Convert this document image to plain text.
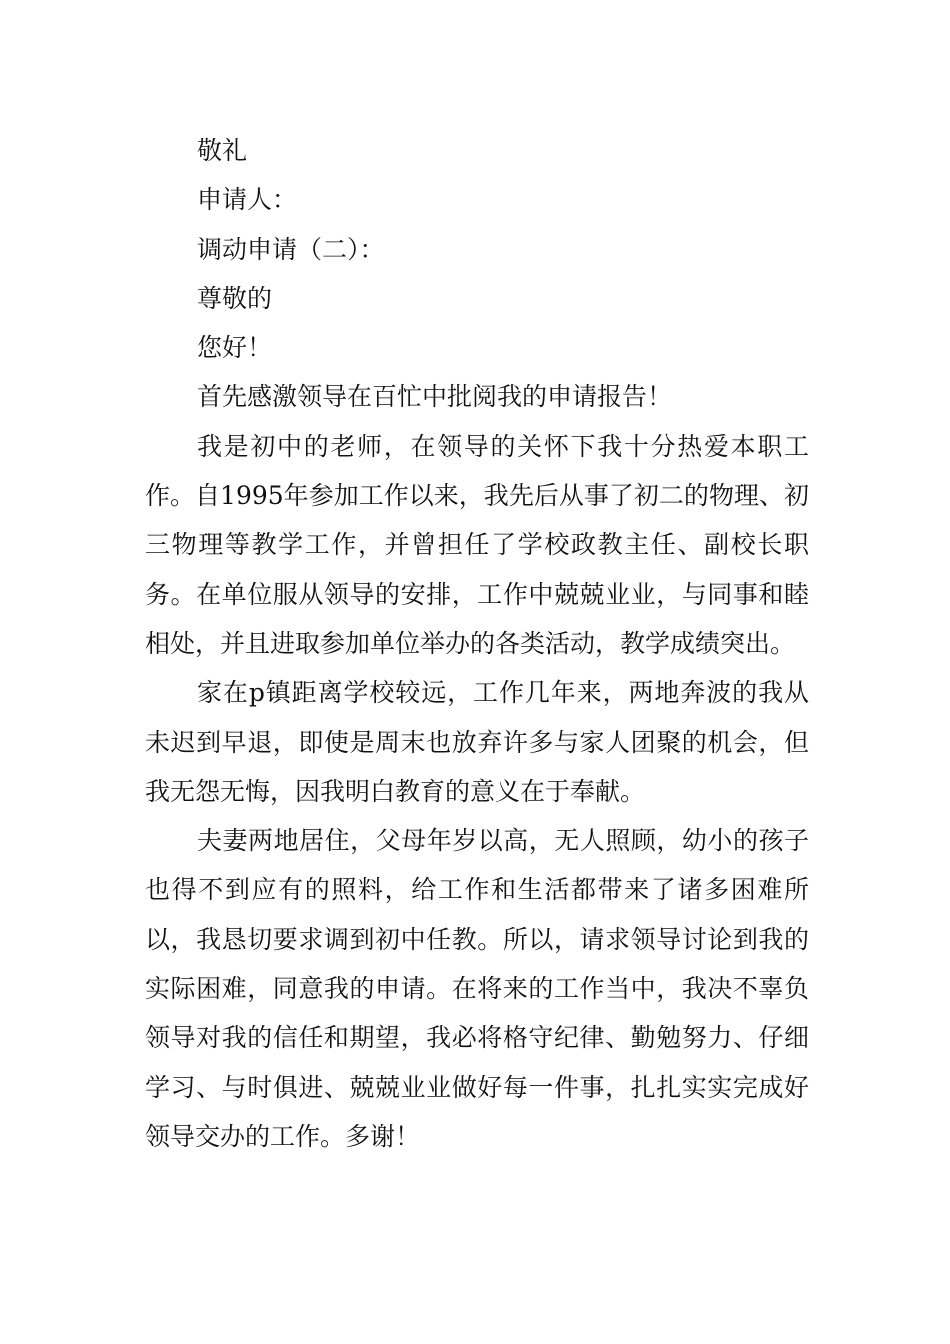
敬礼

申请人：

调动申请（二）：

尊敬的

您好！

首先感激领导在百忙中批阅我的申请报告！

我是初中的老师，在领导的关怀下我十分热爱本职工作。自1995年参加工作以来，我先后从事了初二的物理、初三物理等教学工作，并曾担任了学校政教主任、副校长职务。在单位服从领导的安排，工作中兢兢业业，与同事和睦相处，并且进取参加单位举办的各类活动，教学成绩突出。

家在p镇距离学校较远，工作几年来，两地奔波的我从未迟到早退，即使是周末也放弃许多与家人团聚的机会，但我无怨无悔，因我明白教育的意义在于奉献。

夫妻两地居住，父母年岁以高，无人照顾，幼小的孩子也得不到应有的照料，给工作和生活都带来了诸多困难所以，我恳切要求调到初中任教。所以，请求领导讨论到我的实际困难，同意我的申请。在将来的工作当中，我决不辜负领导对我的信任和期望，我必将格守纪律、勤勉努力、仔细学习、与时俱进、兢兢业业做好每一件事，扎扎实实完成好领导交办的工作。多谢！
